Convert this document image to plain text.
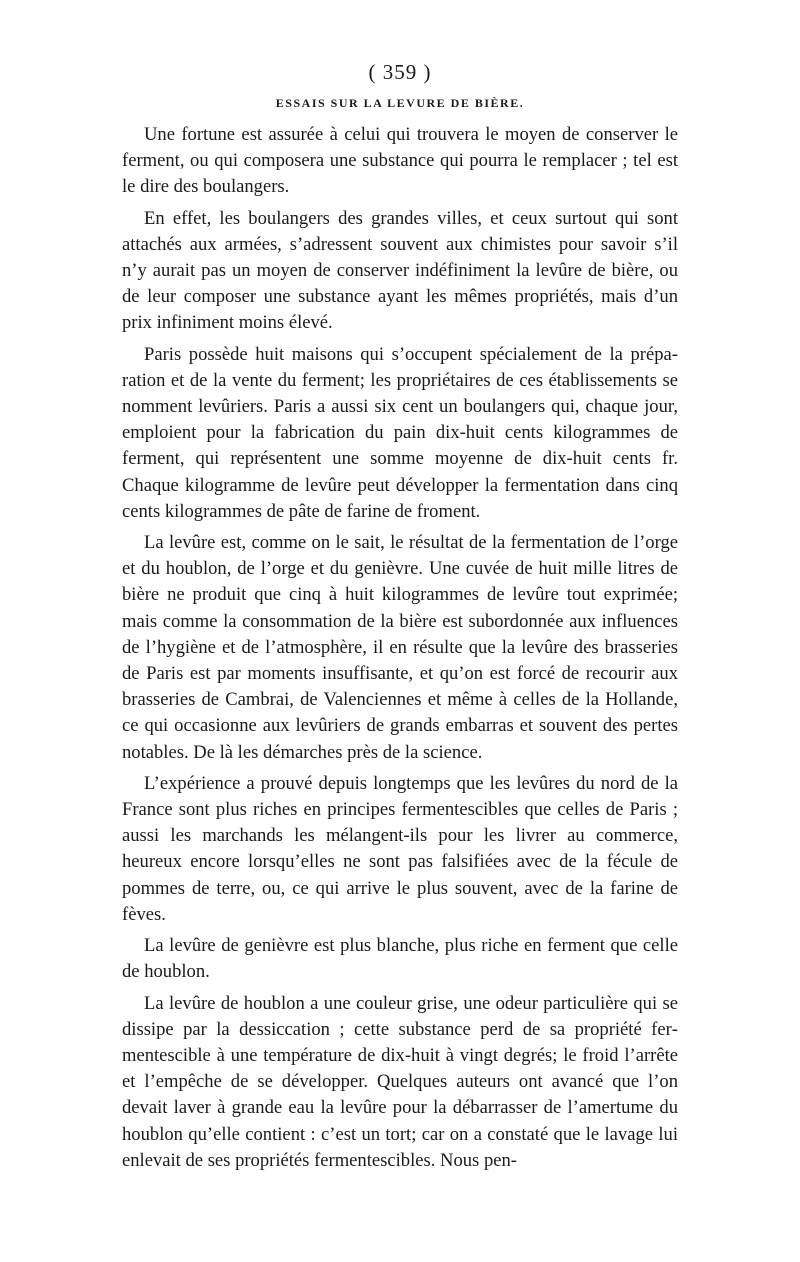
( 359 )
ESSAIS SUR LA LEVURE DE BIÈRE.

Une fortune est assurée à celui qui trouvera le moyen de conserver le ferment, ou qui composera une substance qui pourra le remplacer ; tel est le dire des boulangers.

En effet, les boulangers des grandes villes, et ceux surtout qui sont attachés aux armées, s’adressent souvent aux chimistes pour savoir s’il n’y aurait pas un moyen de conserver indéfiniment la levûre de bière, ou de leur composer une substance ayant les mêmes propriétés, mais d’un prix infiniment moins élevé.

Paris possède huit maisons qui s’occupent spécialement de la préparation et de la vente du ferment; les propriétaires de ces établissements se nomment levûriers. Paris a aussi six cent un boulangers qui, chaque jour, emploient pour la fabrication du pain dix-huit cents kilogrammes de ferment, qui représentent une somme moyenne de dix-huit cents fr. Chaque kilogramme de levûre peut développer la fermentation dans cinq cents kilogrammes de pâte de farine de froment.

La levûre est, comme on le sait, le résultat de la fermentation de l’orge et du houblon, de l’orge et du genièvre. Une cuvée de huit mille litres de bière ne produit que cinq à huit kilogrammes de levûre tout exprimée; mais comme la consommation de la bière est subordonnée aux influences de l’hygiène et de l’atmosphère, il en résulte que la levûre des brasseries de Paris est par moments insuffisante, et qu’on est forcé de recourir aux brasseries de Cambrai, de Valenciennes et même à celles de la Hollande, ce qui occasionne aux levûriers de grands embarras et souvent des pertes notables. De là les démarches près de la science.

L’expérience a prouvé depuis longtemps que les levûres du nord de la France sont plus riches en principes fermentescibles que celles de Paris ; aussi les marchands les mélangent-ils pour les livrer au commerce, heureux encore lorsqu’elles ne sont pas falsifiées avec de la fécule de pommes de terre, ou, ce qui arrive le plus souvent, avec de la farine de fèves.

La levûre de genièvre est plus blanche, plus riche en ferment que celle de houblon.

La levûre de houblon a une couleur grise, une odeur particulière qui se dissipe par la dessiccation ; cette substance perd de sa propriété fermentescible à une température de dix-huit à vingt degrés; le froid l’arrête et l’empêche de se développer. Quelques auteurs ont avancé que l’on devait laver à grande eau la levûre pour la débarrasser de l’amertume du houblon qu’elle contient : c’est un tort; car on a constaté que le lavage lui enlevait de ses propriétés fermentescibles. Nous pen-
